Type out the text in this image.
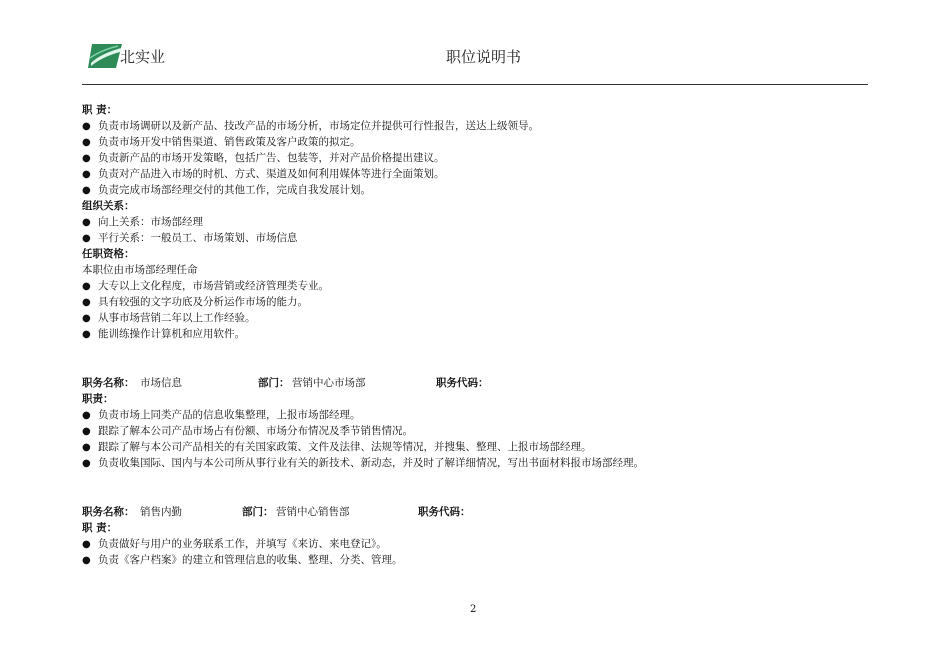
北实业	职位说明书
职 责：
● 负责市场调研以及新产品、技改产品的市场分析，市场定位并提供可行性报告，送达上级领导。
● 负责市场开发中销售渠道、销售政策及客户政策的拟定。
● 负责新产品的市场开发策略，包括广告、包装等，并对产品价格提出建议。
● 负责对产品进入市场的时机、方式、渠道及如何利用媒体等进行全面策划。
● 负责完成市场部经理交付的其他工作，完成自我发展计划。
组织关系：
● 向上关系：市场部经理
● 平行关系：一般员工、市场策划、市场信息
任职资格：
本职位由市场部经理任命
● 大专以上文化程度，市场营销或经济管理类专业。
● 具有较强的文字功底及分析运作市场的能力。
● 从事市场营销二年以上工作经验。
● 能训练操作计算机和应用软件。
职务名称： 市场信息	部门： 营销中心市场部	职务代码：
职责：
● 负责市场上同类产品的信息收集整理，上报市场部经理。
● 跟踪了解本公司产品市场占有份额、市场分布情况及季节销售情况。
● 跟踪了解与本公司产品相关的有关国家政策、文件及法律、法规等情况，并搜集、整理、上报市场部经理。
● 负责收集国际、国内与本公司所从事行业有关的新技术、新动态，并及时了解详细情况，写出书面材料报市场部经理。
职务名称： 销售内勤	部门： 营销中心销售部	职务代码：
职 责：
● 负责做好与用户的业务联系工作，并填写《来访、来电登记》。
● 负责《客户档案》的建立和管理信息的收集、整理、分类、管理。
2
